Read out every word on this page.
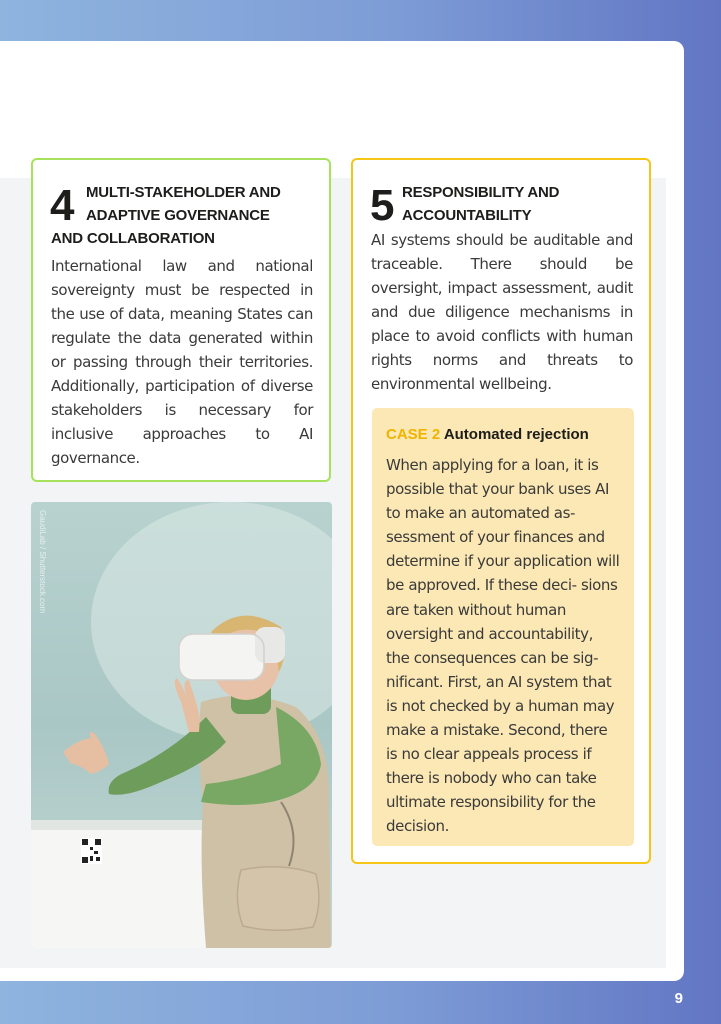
4 MULTI-STAKEHOLDER AND
ADAPTIVE GOVERNANCE
AND COLLABORATION
International law and national sovereignty must be respected in the use of data, meaning States can regulate the data generated within or passing through their territories. Additionally, participation of diverse stakeholders is necessary for inclusive approaches to AI governance.
5 RESPONSIBILITY AND
ACCOUNTABILITY
AI systems should be auditable and traceable. There should be oversight, impact assessment, audit and due diligence mechanisms in place to avoid conflicts with human rights norms and threats to environmental wellbeing.
CASE 2 Automated rejection
When applying for a loan, it is possible that your bank uses AI to make an automated as- sessment of your finances and determine if your application will be approved. If these deci- sions are taken without human oversight and accountability, the consequences can be sig- nificant. First, an AI system that is not checked by a human may make a mistake. Second, there is no clear appeals process if there is nobody who can take ultimate responsibility for the decision.
GaudiLab / Shutterstock.com
9
